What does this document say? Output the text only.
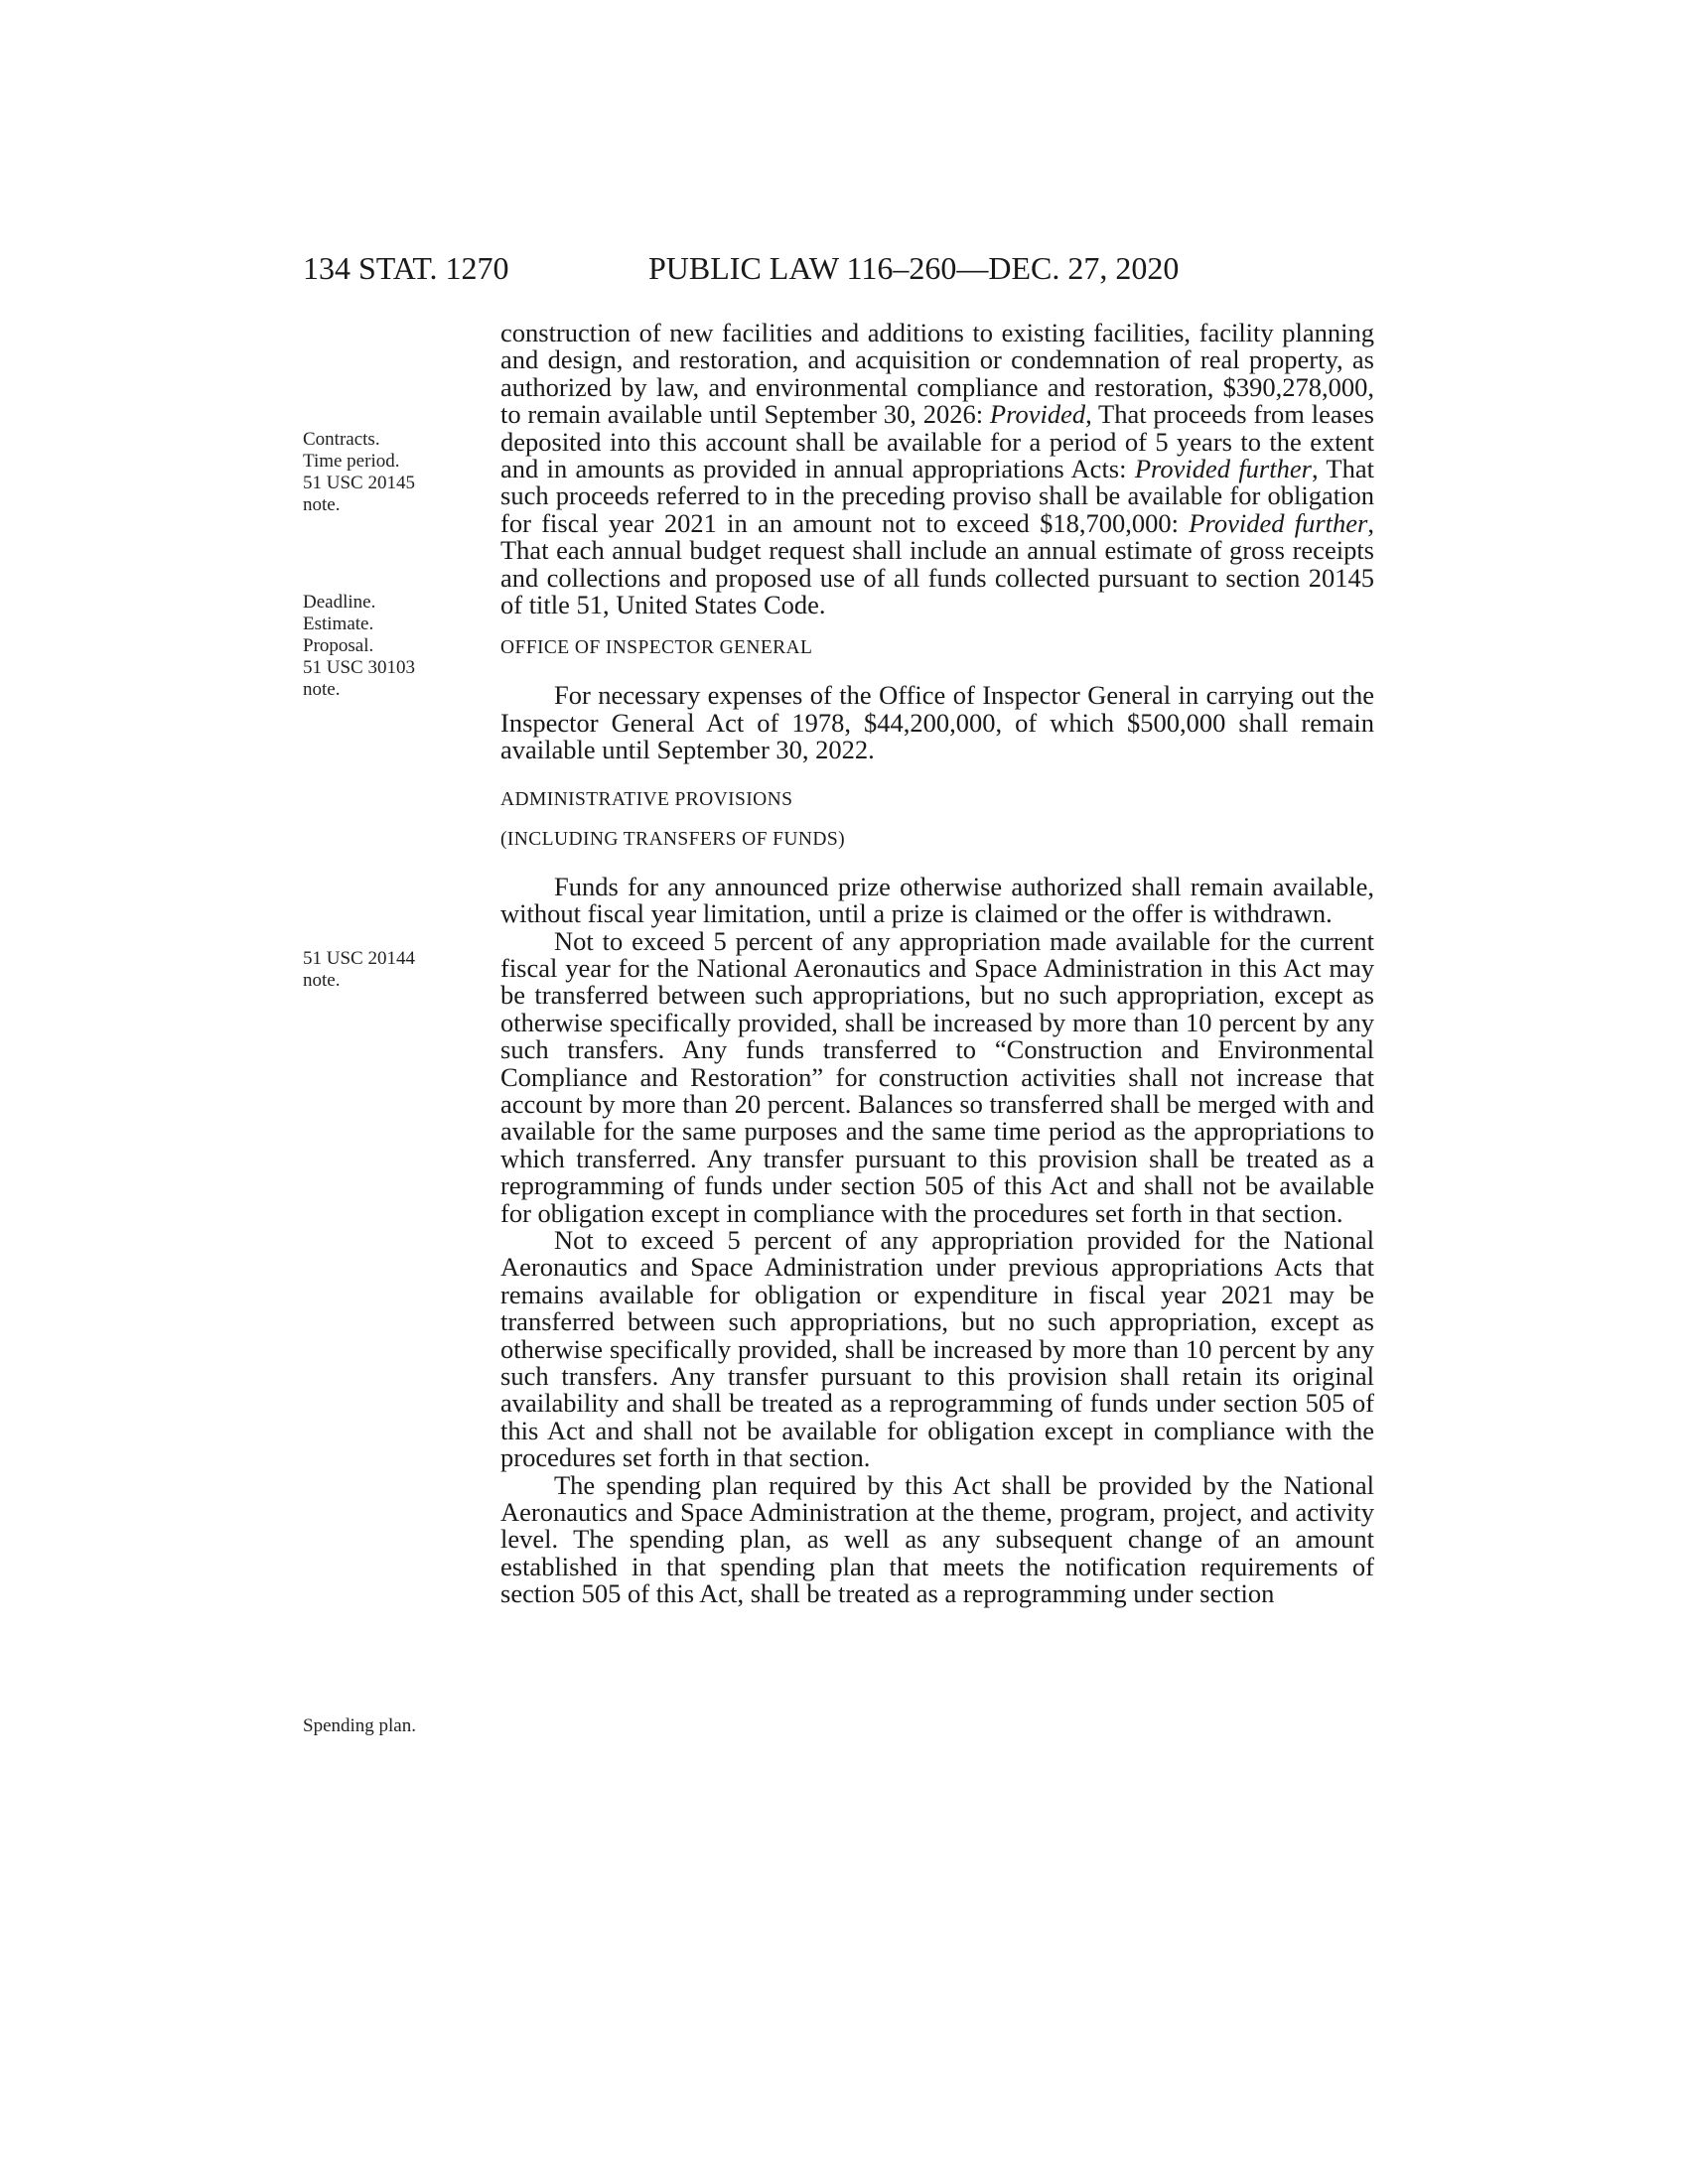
134 STAT. 1270	PUBLIC LAW 116–260—DEC. 27, 2020
Contracts.
Time period.
51 USC 20145
note.
Deadline.
Estimate.
Proposal.
51 USC 30103
note.
51 USC 20144
note.
Spending plan.

construction of new facilities and additions to existing facilities, facility planning and design, and restoration, and acquisition or condemnation of real property, as authorized by law, and environmental compliance and restoration, $390,278,000, to remain available until September 30, 2026: Provided, That proceeds from leases deposited into this account shall be available for a period of 5 years to the extent and in amounts as provided in annual appropriations Acts: Provided further, That such proceeds referred to in the preceding proviso shall be available for obligation for fiscal year 2021 in an amount not to exceed $18,700,000: Provided further, That each annual budget request shall include an annual estimate of gross receipts and collections and proposed use of all funds collected pursuant to section 20145 of title 51, United States Code.

OFFICE OF INSPECTOR GENERAL

For necessary expenses of the Office of Inspector General in carrying out the Inspector General Act of 1978, $44,200,000, of which $500,000 shall remain available until September 30, 2022.

ADMINISTRATIVE PROVISIONS

(INCLUDING TRANSFERS OF FUNDS)

Funds for any announced prize otherwise authorized shall remain available, without fiscal year limitation, until a prize is claimed or the offer is withdrawn.

Not to exceed 5 percent of any appropriation made available for the current fiscal year for the National Aeronautics and Space Administration in this Act may be transferred between such appropriations, but no such appropriation, except as otherwise specifically provided, shall be increased by more than 10 percent by any such transfers. Any funds transferred to “Construction and Environmental Compliance and Restoration” for construction activities shall not increase that account by more than 20 percent. Balances so transferred shall be merged with and available for the same purposes and the same time period as the appropriations to which transferred. Any transfer pursuant to this provision shall be treated as a reprogramming of funds under section 505 of this Act and shall not be available for obligation except in compliance with the procedures set forth in that section.

Not to exceed 5 percent of any appropriation provided for the National Aeronautics and Space Administration under previous appropriations Acts that remains available for obligation or expenditure in fiscal year 2021 may be transferred between such appropriations, but no such appropriation, except as otherwise specifically provided, shall be increased by more than 10 percent by any such transfers. Any transfer pursuant to this provision shall retain its original availability and shall be treated as a reprogramming of funds under section 505 of this Act and shall not be available for obligation except in compliance with the procedures set forth in that section.

The spending plan required by this Act shall be provided by the National Aeronautics and Space Administration at the theme, program, project, and activity level. The spending plan, as well as any subsequent change of an amount established in that spending plan that meets the notification requirements of section 505 of this Act, shall be treated as a reprogramming under section
